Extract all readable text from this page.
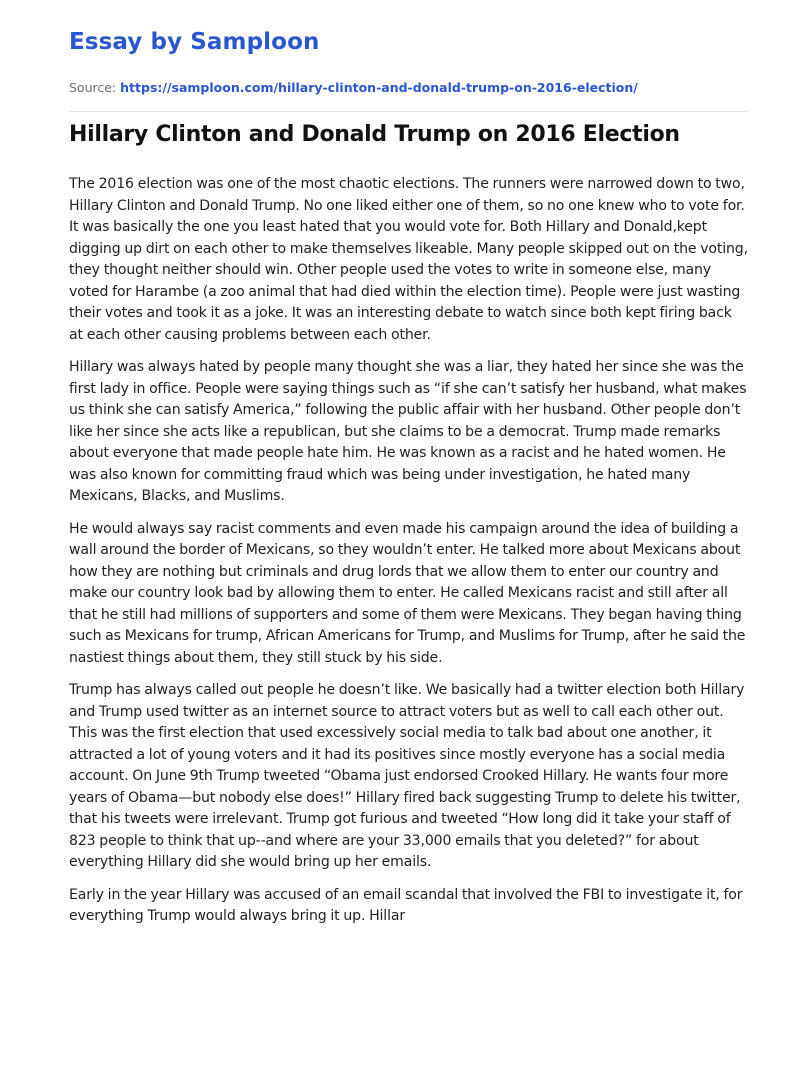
Essay by Samploon
Source: https://samploon.com/hillary-clinton-and-donald-trump-on-2016-election/
Hillary Clinton and Donald Trump on 2016 Election

The 2016 election was one of the most chaotic elections. The runners were narrowed down to two, Hillary Clinton and Donald Trump. No one liked either one of them, so no one knew who to vote for. It was basically the one you least hated that you would vote for. Both Hillary and Donald,kept digging up dirt on each other to make themselves likeable. Many people skipped out on the voting, they thought neither should win. Other people used the votes to write in someone else, many voted for Harambe (a zoo animal that had died within the election time). People were just wasting their votes and took it as a joke. It was an interesting debate to watch since both kept firing back at each other causing problems between each other.

Hillary was always hated by people many thought she was a liar, they hated her since she was the first lady in office. People were saying things such as “if she can’t satisfy her husband, what makes us think she can satisfy America,” following the public affair with her husband. Other people don’t like her since she acts like a republican, but she claims to be a democrat. Trump made remarks about everyone that made people hate him. He was known as a racist and he hated women. He was also known for committing fraud which was being under investigation, he hated many Mexicans, Blacks, and Muslims.

He would always say racist comments and even made his campaign around the idea of building a wall around the border of Mexicans, so they wouldn’t enter. He talked more about Mexicans about how they are nothing but criminals and drug lords that we allow them to enter our country and make our country look bad by allowing them to enter. He called Mexicans racist and still after all that he still had millions of supporters and some of them were Mexicans. They began having thing such as Mexicans for trump, African Americans for Trump, and Muslims for Trump, after he said the nastiest things about them, they still stuck by his side.

Trump has always called out people he doesn’t like. We basically had a twitter election both Hillary and Trump used twitter as an internet source to attract voters but as well to call each other out. This was the first election that used excessively social media to talk bad about one another, it attracted a lot of young voters and it had its positives since mostly everyone has a social media account. On June 9th Trump tweeted “Obama just endorsed Crooked Hillary. He wants four more years of Obama—but nobody else does!” Hillary fired back suggesting Trump to delete his twitter, that his tweets were irrelevant. Trump got furious and tweeted “How long did it take your staff of 823 people to think that up--and where are your 33,000 emails that you deleted?” for about everything Hillary did she would bring up her emails.

Early in the year Hillary was accused of an email scandal that involved the FBI to investigate it, for everything Trump would always bring it up. Hillar
